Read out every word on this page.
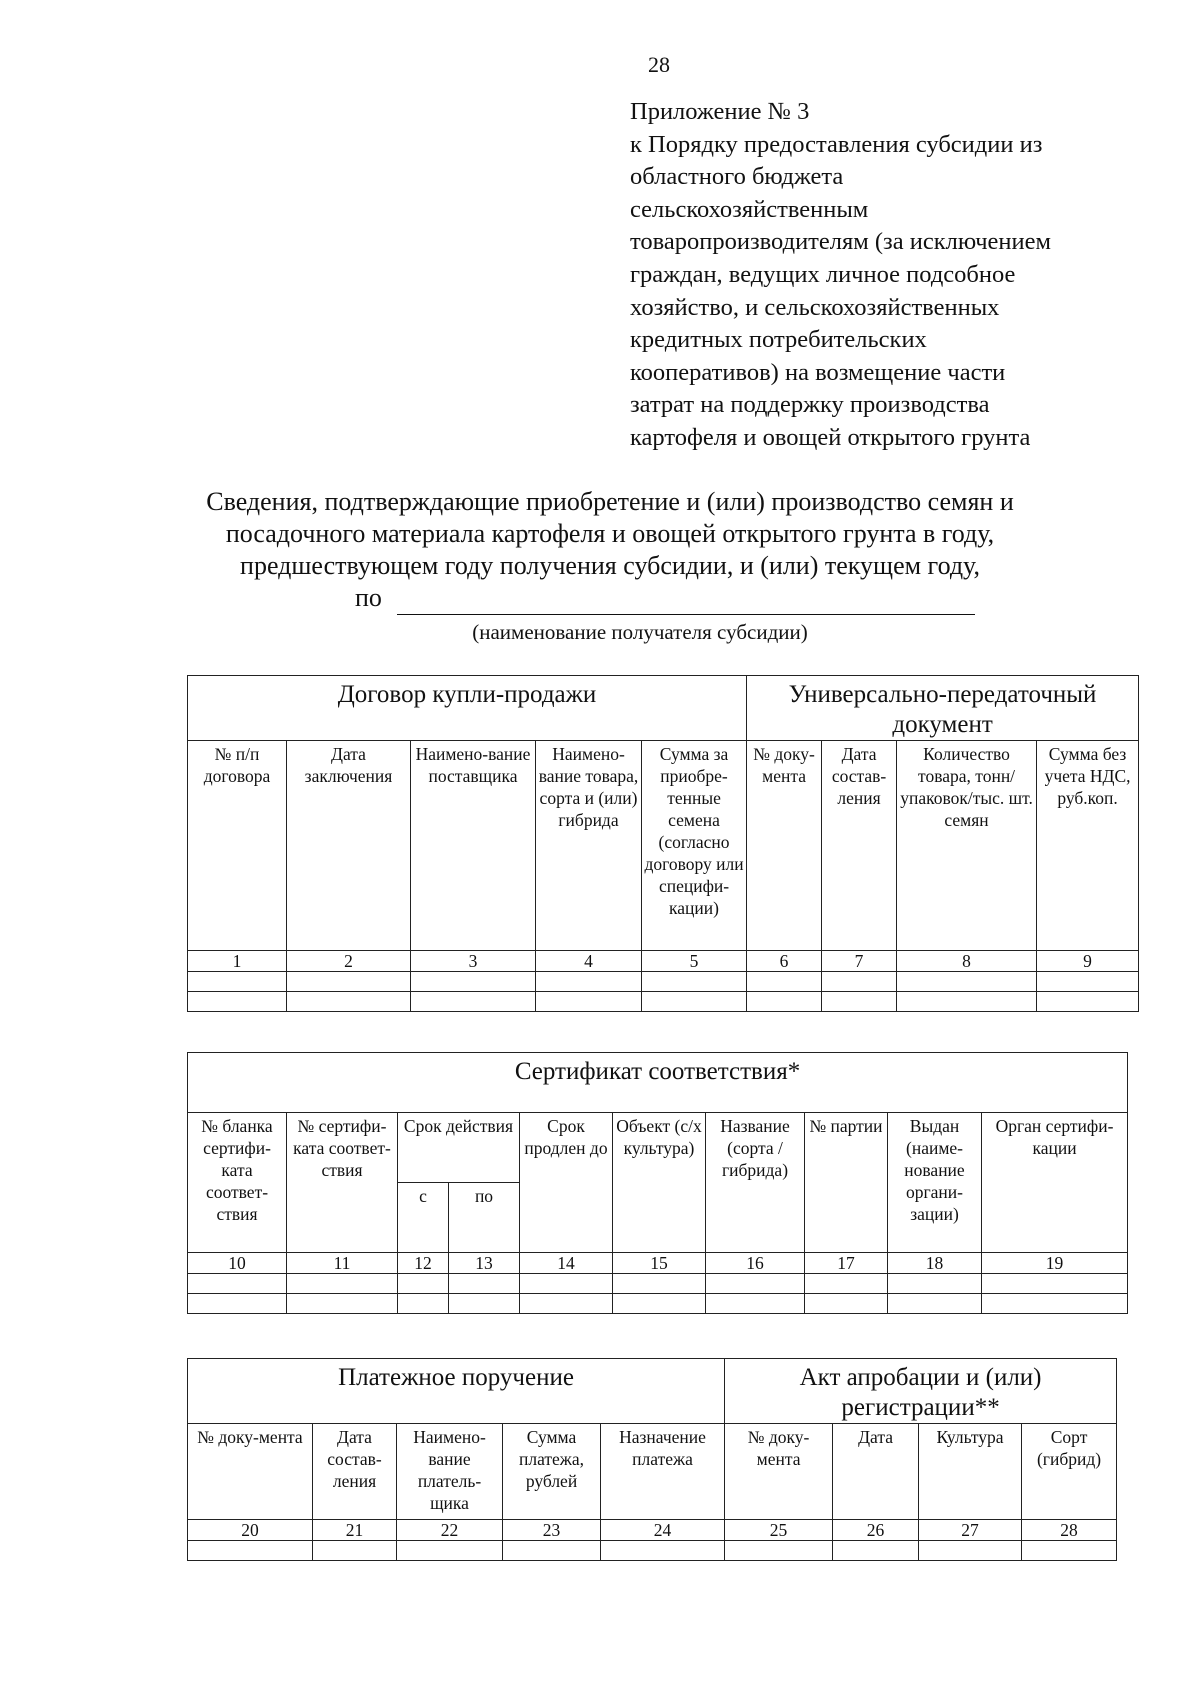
28
Приложение № 3
к Порядку предоставления субсидии из
областного бюджета
сельскохозяйственным
товаропроизводителям (за исключением
граждан, ведущих личное подсобное
хозяйство, и сельскохозяйственных
кредитных потребительских
кооперативов) на возмещение части
затрат на поддержку производства
картофеля и овощей открытого грунта
Сведения, подтверждающие приобретение и (или) производство семян и
посадочного материала картофеля и овощей открытого грунта в году,
предшествующем году получения субсидии, и (или) текущем году,
по
(наименование получателя субсидии)
Договор купли-продажи					Универсально-передаточный документ			
№ п/п договора	Дата заключения	Наимено-вание поставщика	Наимено-вание товара, сорта и (или) гибрида	Сумма за приобре-тенные семена (согласно договору или специфи-кации)	№ доку-мента	Дата состав-ления	Количество товара, тонн/ упаковок/тыс. шт. семян	Сумма без учета НДС, руб.коп.
1	2	3	4	5	6	7	8	9

Сертификат соответствия*									
№ бланка сертифи-ката соответ-ствия	№ сертифи-ката соответ-ствия	Срок действия		Срок продлен до	Объект (с/х культура)	Название (сорта / гибрида)	№ партии	Выдан (наиме-нование органи-зации)	Орган сертифи-кации
		с	по						
10	11	12	13	14	15	16	17	18	19

Платежное поручение					Акт апробации и (или) регистрации**			
№ доку-мента	Дата состав-ления	Наимено-вание платель-щика	Сумма платежа, рублей	Назначение платежа	№ доку-мента	Дата	Культура	Сорт (гибрид)
20	21	22	23	24	25	26	27	28
